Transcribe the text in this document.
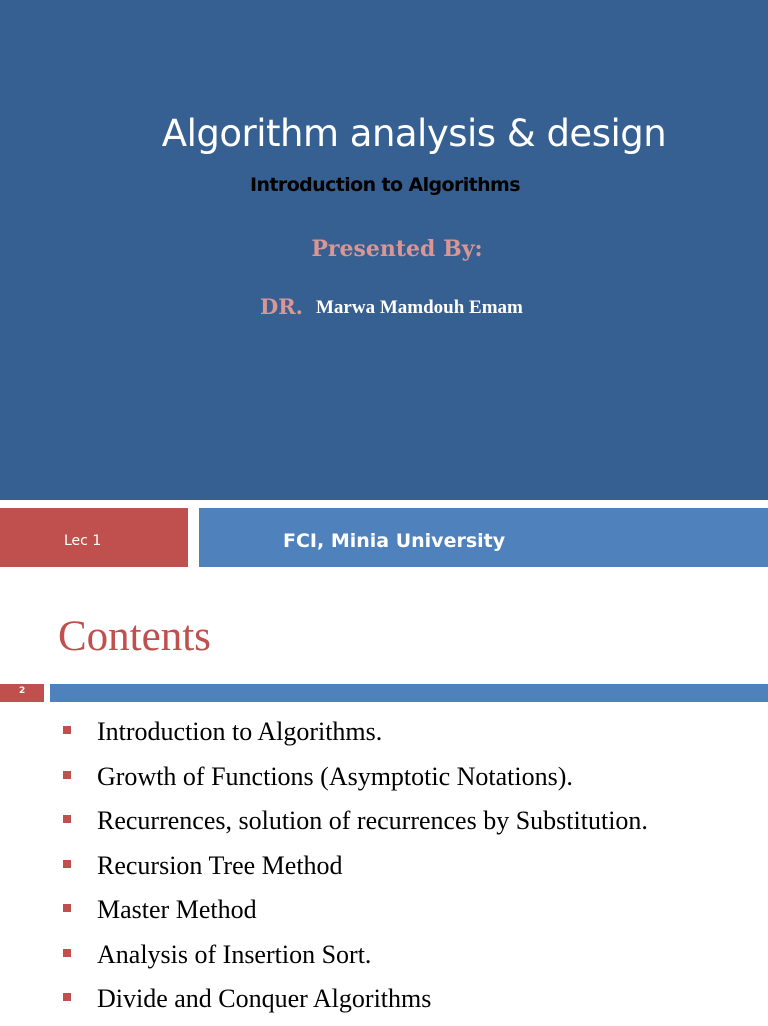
Algorithm analysis & design
Introduction to Algorithms
Presented By:
DR. Marwa Mamdouh Emam
Lec 1	FCI, Minia University
Contents
2
Introduction to Algorithms.
Growth of Functions (Asymptotic Notations).
Recurrences, solution of recurrences by Substitution.
Recursion Tree Method
Master Method
Analysis of Insertion Sort.
Divide and Conquer Algorithms
